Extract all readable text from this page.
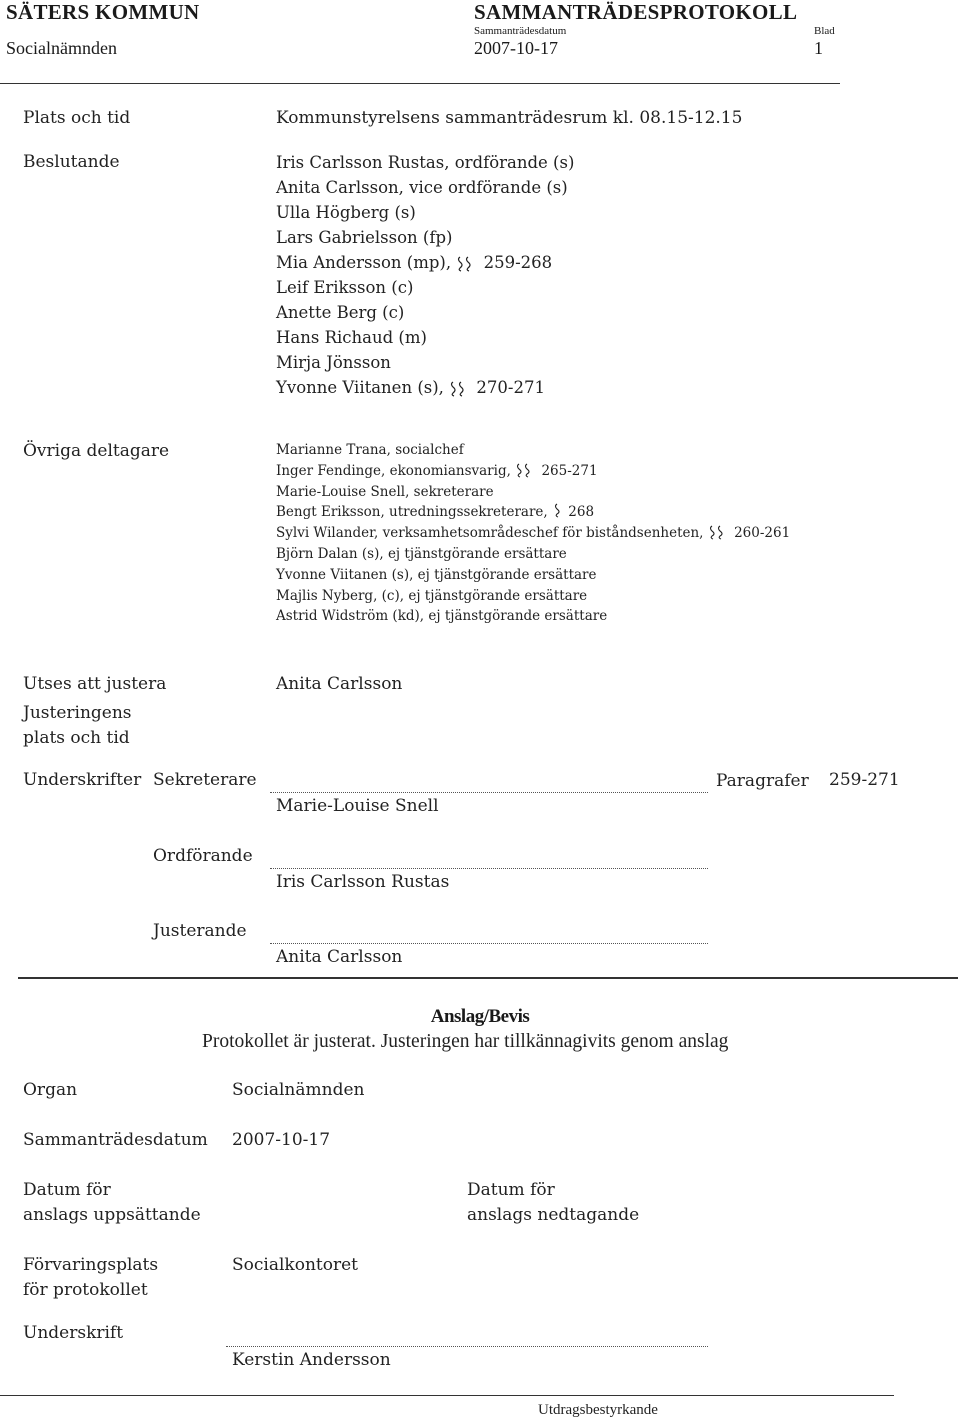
SÄTERS KOMMUN
Socialnämnden
SAMMANTRÄDESPROTOKOLL
Sammanträdesdatum
2007-10-17
Blad
1
Plats och tid	Kommunstyrelsens sammanträdesrum kl. 08.15-12.15
Beslutande	Iris Carlsson Rustas, ordförande (s)
Anita Carlsson, vice ordförande (s)
Ulla Högberg (s)
Lars Gabrielsson (fp)
Mia Andersson (mp), 259-268
Leif Eriksson (c)
Anette Berg (c)
Hans Richaud (m)
Mirja Jönsson
Yvonne Viitanen (s), 270-271
Övriga deltagare	Marianne Trana, socialchef
Inger Fendinge, ekonomiansvarig, 265-271
Marie-Louise Snell, sekreterare
Bengt Eriksson, utredningssekreterare, 268
Sylvi Wilander, verksamhetsområdeschef för biståndsenheten, 260-261
Björn Dalan (s), ej tjänstgörande ersättare
Yvonne Viitanen (s), ej tjänstgörande ersättare
Majlis Nyberg, (c), ej tjänstgörande ersättare
Astrid Widström (kd), ej tjänstgörande ersättare
Utses att justera	Anita Carlsson
Justeringens
plats och tid
Underskrifter Sekreterare
Marie-Louise Snell
Paragrafer 259-271
Ordförande
Iris Carlsson Rustas
Justerande
Anita Carlsson
Anslag/Bevis
Protokollet är justerat. Justeringen har tillkännagivits genom anslag
Organ	Socialnämnden
Sammanträdesdatum 2007-10-17
Datum för
anslags uppsättande
Datum för
anslags nedtagande
Förvaringsplats
för protokollet
Socialkontoret
Underskrift
Kerstin Andersson
Utdragsbestyrkande
